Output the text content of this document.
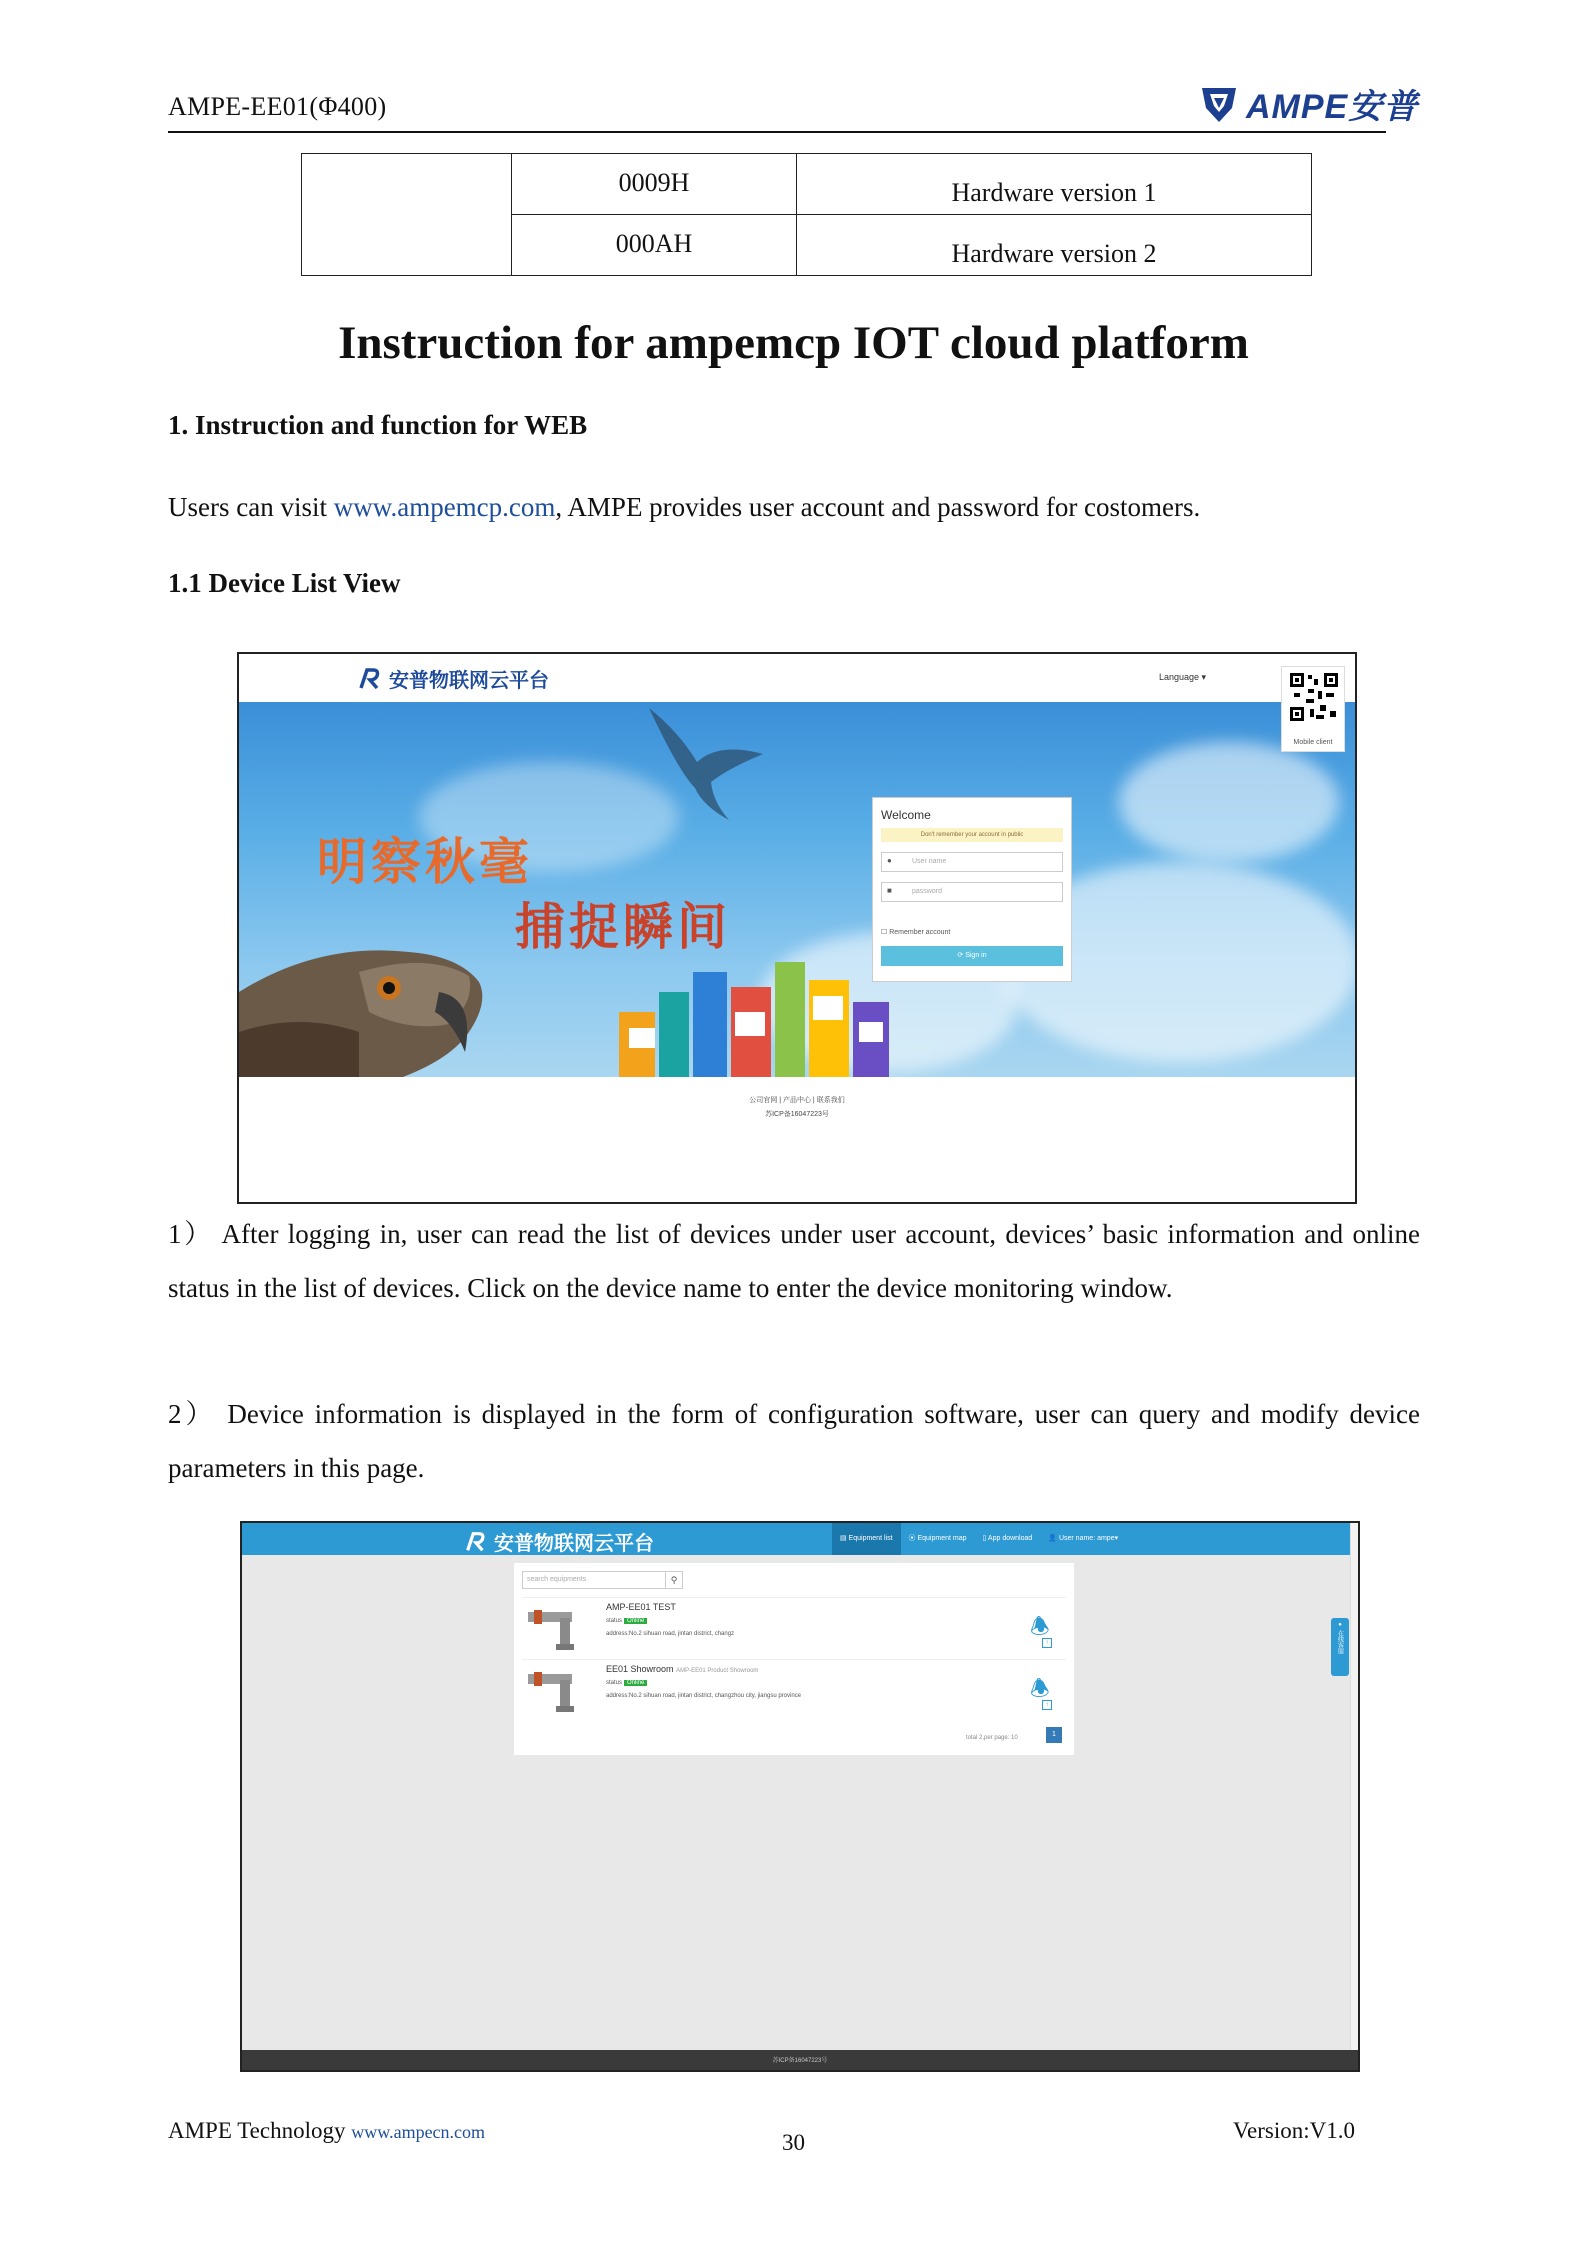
AMPE-EE01(Φ400)	AMPE安普
	0009H	Hardware version 1
	000AH	Hardware version 2
Instruction for ampemcp IOT cloud platform
1. Instruction and function for WEB
Users can visit www.ampemcp.com, AMPE provides user account and password for costomers.
1.1 Device List View
安普物联网云平台	Language ▾
明察秋毫
捕捉瞬间
Welcome
Don't remember your account in public
User name
●
password
■
☐ Remember account
⟳ Sign in
Mobile client
公司官网 | 产品中心 | 联系我们
苏ICP备16047223号
1） After logging in, user can read the list of devices under user account, devices’ basic information and online status in the list of devices. Click on the device name to enter the device monitoring window.
2） Device information is displayed in the form of configuration software, user can query and modify device parameters in this page.
安普物联网云平台	▤ Equipment list	⦿ Equipment map	▯ App download	👤 User name: ampe▾
search equipments	⚲
AMP-EE01 TEST
status Online
address:No.2 sihuan road, jintan district, changz	🕭
↑
EE01 Showroom AMP-EE01 Product Showroom
status Online
address:No.2 sihuan road, jintan district, changzhou city, jiangsu province	🕭
↑
total 2,per page: 10	1
●
在线客服
苏ICP备16047223号
AMPE Technology www.ampecn.com	30	Version:V1.0
